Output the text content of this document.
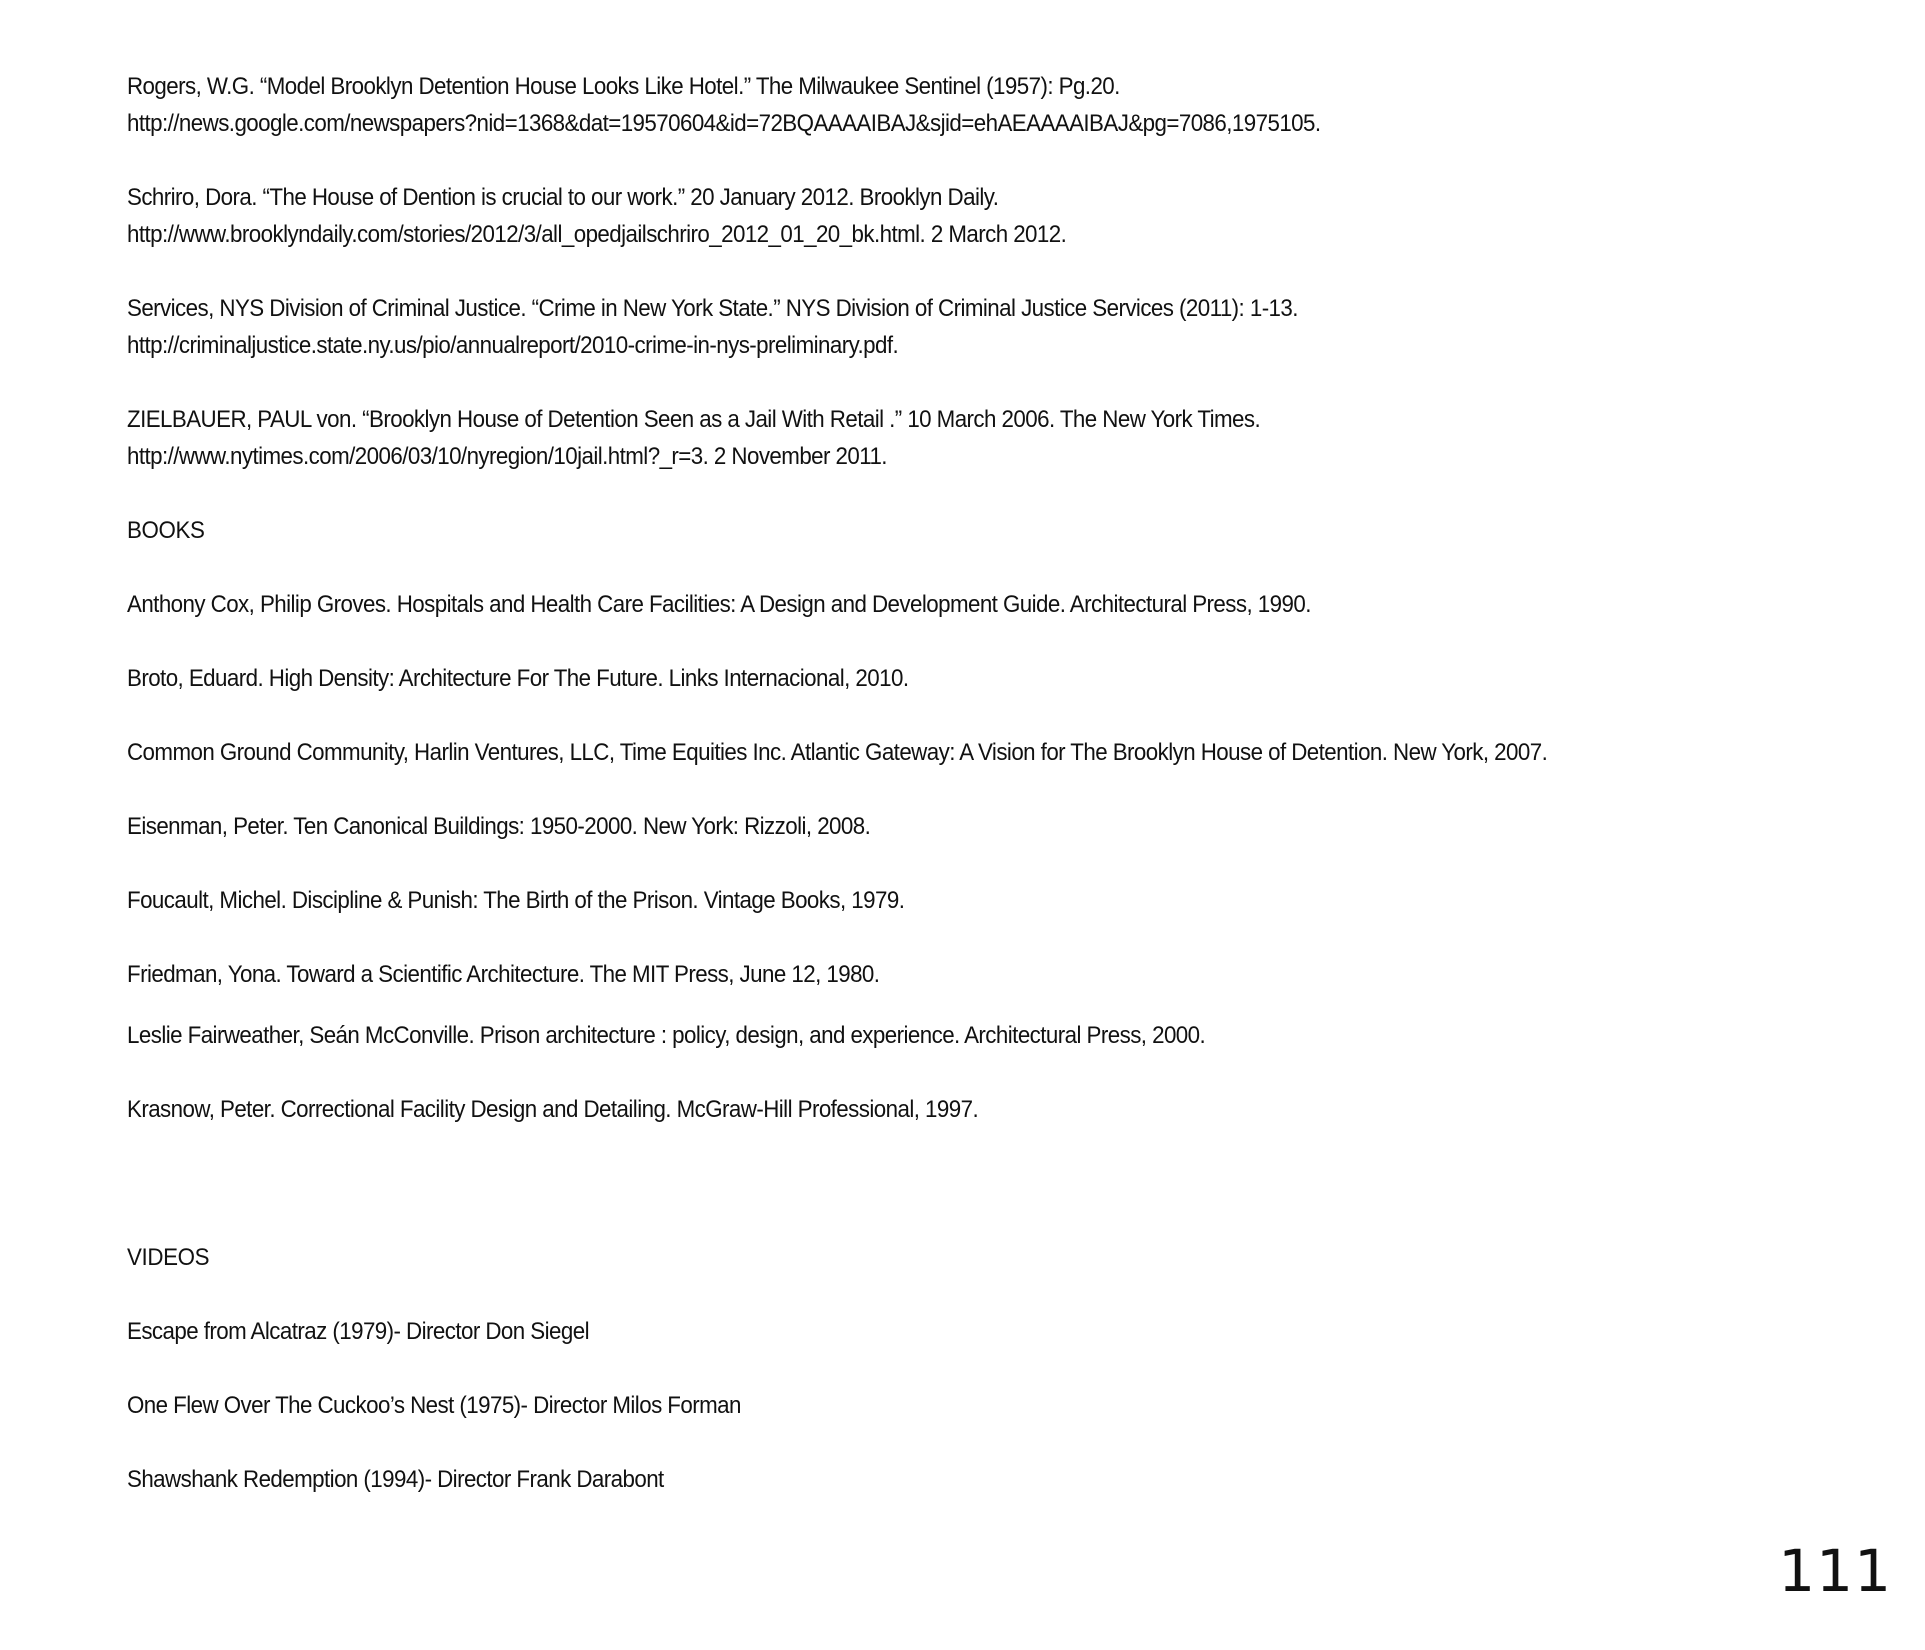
Rogers, W.G. “Model Brooklyn Detention House Looks Like Hotel.” The Milwaukee Sentinel (1957): Pg.20.
http://news.google.com/newspapers?nid=1368&dat=19570604&id=72BQAAAAIBAJ&sjid=ehAEAAAAIBAJ&pg=7086,1975105.
Schriro, Dora. “The House of Dention is crucial to our work.” 20 January 2012. Brooklyn Daily.
http://www.brooklyndaily.com/stories/2012/3/all_opedjailschriro_2012_01_20_bk.html. 2 March 2012.
Services, NYS Division of Criminal Justice. “Crime in New York State.” NYS Division of Criminal Justice Services (2011): 1-13.
http://criminaljustice.state.ny.us/pio/annualreport/2010-crime-in-nys-preliminary.pdf.
ZIELBAUER, PAUL von. “Brooklyn House of Detention Seen as a Jail With Retail .” 10 March 2006. The New York Times.
http://www.nytimes.com/2006/03/10/nyregion/10jail.html?_r=3. 2 November 2011.
BOOKS
Anthony Cox, Philip Groves. Hospitals and Health Care Facilities: A Design and Development Guide. Architectural Press, 1990.
Broto, Eduard. High Density: Architecture For The Future. Links Internacional, 2010.
Common Ground Community, Harlin Ventures, LLC, Time Equities Inc. Atlantic Gateway: A Vision for The Brooklyn House of Detention. New York, 2007.
Eisenman, Peter. Ten Canonical Buildings: 1950-2000. New York: Rizzoli, 2008.
Foucault, Michel. Discipline & Punish: The Birth of the Prison. Vintage Books, 1979.
Friedman, Yona. Toward a Scientific Architecture. The MIT Press, June 12, 1980.
Leslie Fairweather, Seán McConville. Prison architecture : policy, design, and experience. Architectural Press, 2000.
Krasnow, Peter. Correctional Facility Design and Detailing. McGraw-Hill Professional, 1997.
VIDEOS
Escape from Alcatraz (1979)- Director Don Siegel
One Flew Over The Cuckoo’s Nest (1975)- Director Milos Forman
Shawshank Redemption (1994)- Director Frank Darabont
111
